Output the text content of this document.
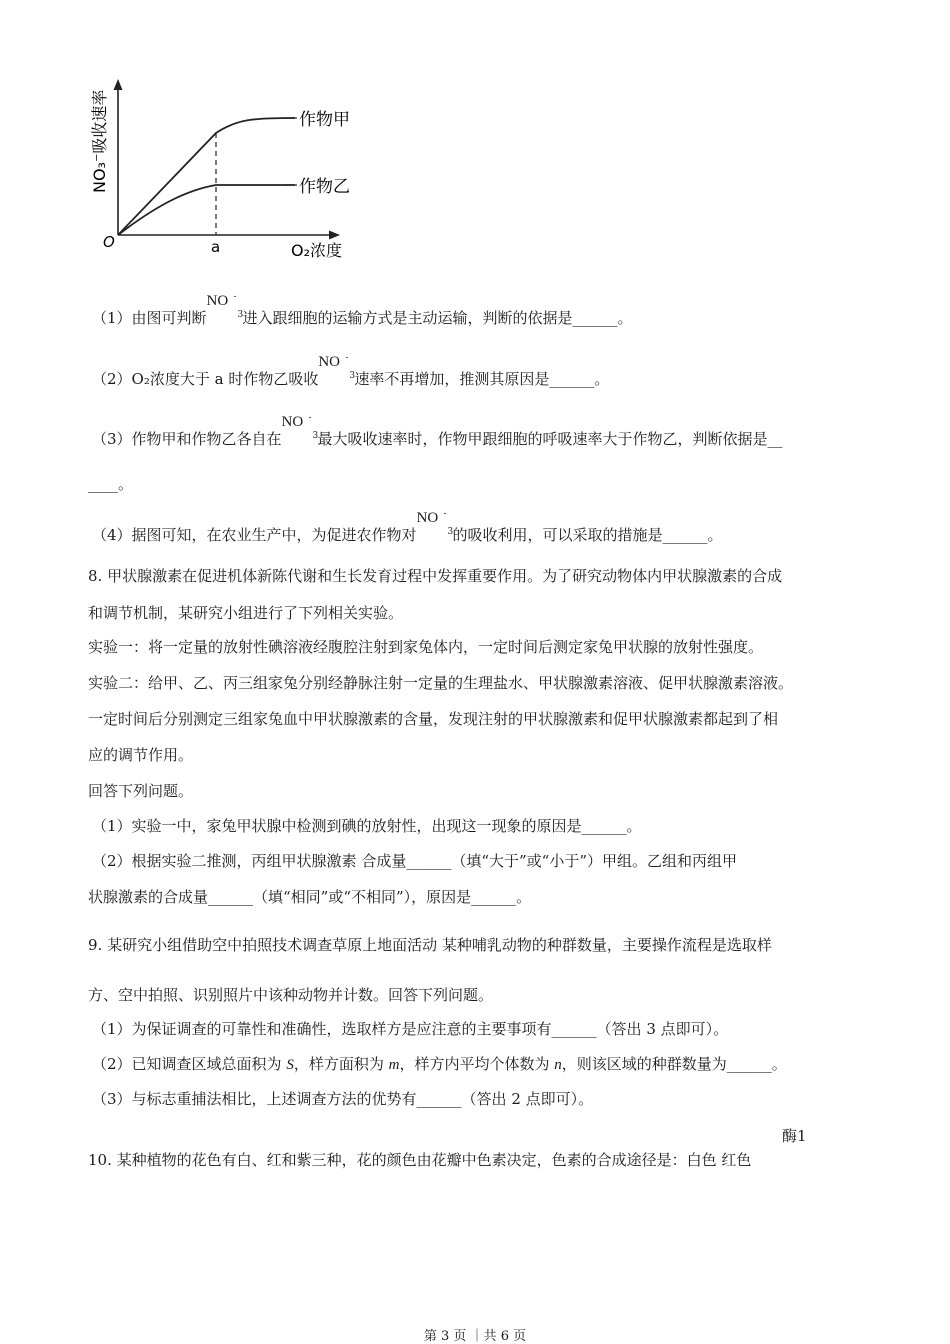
作物甲
作物乙
NO₃⁻吸收速率
O	a	O₂浓度
（1）由图可判断
NO -
3 进入跟细胞的运输方式是主动运输，判断的依据是______。
（2）O₂浓度大于 a 时作物乙吸收
NO -
3 速率不再增加，推测其原因是______。
（3）作物甲和作物乙各自在
NO -
3 最大吸收速率时，作物甲跟细胞的呼吸速率大于作物乙，判断依据是__
____。
（4）据图可知，在农业生产中，为促进农作物对
NO -
3 的吸收利用，可以采取的措施是______。
8. 甲状腺激素在促进机体新陈代谢和生长发育过程中发挥重要作用。为了研究动物体内甲状腺激素的合成
和调节机制，某研究小组进行了下列相关实验。
实验一：将一定量的放射性碘溶液经腹腔注射到家兔体内，一定时间后测定家兔甲状腺的放射性强度。
实验二：给甲、乙、丙三组家兔分别经静脉注射一定量的生理盐水、甲状腺激素溶液、促甲状腺激素溶液。
一定时间后分别测定三组家兔血中甲状腺激素的含量，发现注射的甲状腺激素和促甲状腺激素都起到了相
应的调节作用。
回答下列问题。
（1）实验一中，家兔甲状腺中检测到碘的放射性，出现这一现象的原因是______。
（2）根据实验二推测，丙组甲状腺激素 合成量______（填“大于”或“小于”）甲组。乙组和丙组甲
状腺激素的合成量______（填“相同”或“不相同”），原因是______。
9. 某研究小组借助空中拍照技术调查草原上地面活动 某种哺乳动物的种群数量，主要操作流程是选取样
方、空中拍照、识别照片中该种动物并计数。回答下列问题。
（1）为保证调查的可靠性和准确性，选取样方是应注意的主要事项有______（答出 3 点即可）。
（2）已知调查区域总面积为 S，样方面积为 m，样方内平均个体数为 n，则该区域的种群数量为______。
（3）与标志重捕法相比，上述调查方法的优势有______（答出 2 点即可）。
酶1
10. 某种植物的花色有白、红和紫三种，花的颜色由花瓣中色素决定，色素的合成途径是：白色 红色
第 3 页 ｜共 6 页
